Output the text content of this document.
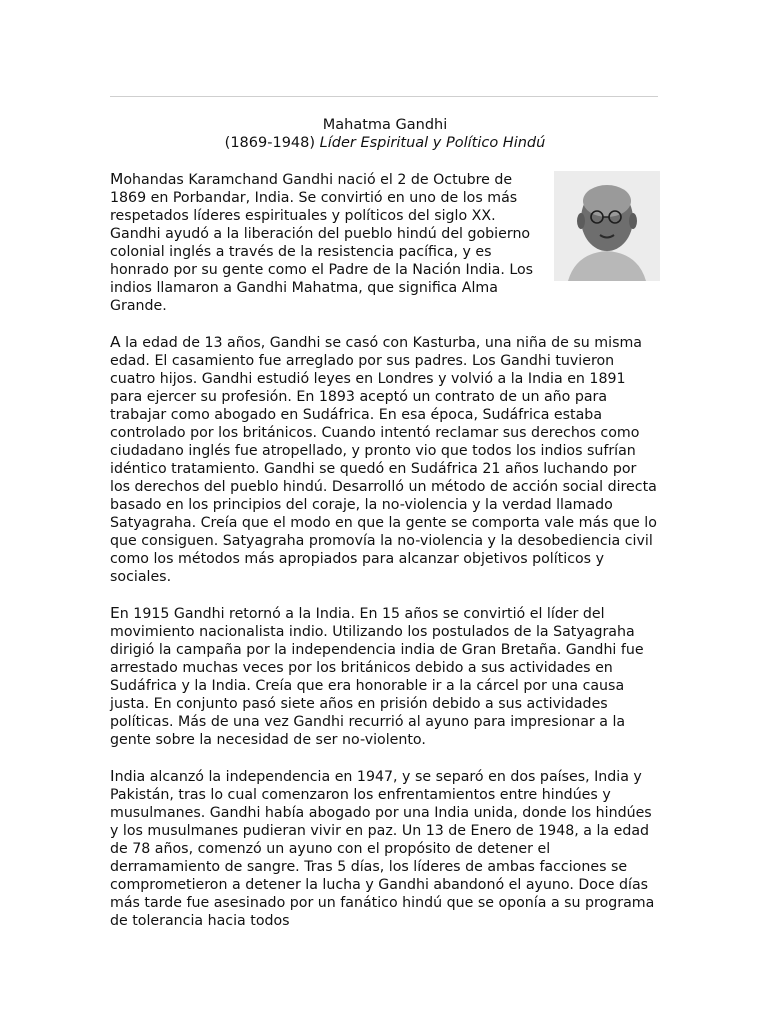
Mahatma Gandhi
(1869-1948) Líder Espiritual y Político Hindú

Mohandas Karamchand Gandhi nació el 2 de Octubre de 1869 en Porbandar, India. Se convirtió en uno de los más respetados líderes espirituales y políticos del siglo XX. Gandhi ayudó a la liberación del pueblo hindú del gobierno colonial inglés a través de la resistencia pacífica, y es honrado por su gente como el Padre de la Nación India. Los indios llamaron a Gandhi Mahatma, que significa Alma Grande.

A la edad de 13 años, Gandhi se casó con Kasturba, una niña de su misma edad. El casamiento fue arreglado por sus padres. Los Gandhi tuvieron cuatro hijos. Gandhi estudió leyes en Londres y volvió a la India en 1891 para ejercer su profesión. En 1893 aceptó un contrato de un año para trabajar como abogado en Sudáfrica. En esa época, Sudáfrica estaba controlado por los británicos. Cuando intentó reclamar sus derechos como ciudadano inglés fue atropellado, y pronto vio que todos los indios sufrían idéntico tratamiento. Gandhi se quedó en Sudáfrica 21 años luchando por los derechos del pueblo hindú. Desarrolló un método de acción social directa basado en los principios del coraje, la no-violencia y la verdad llamado Satyagraha. Creía que el modo en que la gente se comporta vale más que lo que consiguen. Satyagraha promovía la no-violencia y la desobediencia civil como los métodos más apropiados para alcanzar objetivos políticos y sociales.

En 1915 Gandhi retornó a la India. En 15 años se convirtió el líder del movimiento nacionalista indio. Utilizando los postulados de la Satyagraha dirigió la campaña por la independencia india de Gran Bretaña. Gandhi fue arrestado muchas veces por los británicos debido a sus actividades en Sudáfrica y la India. Creía que era honorable ir a la cárcel por una causa justa. En conjunto pasó siete años en prisión debido a sus actividades políticas. Más de una vez Gandhi recurrió al ayuno para impresionar a la gente sobre la necesidad de ser no-violento.

India alcanzó la independencia en 1947, y se separó en dos países, India y Pakistán, tras lo cual comenzaron los enfrentamientos entre hindúes y musulmanes. Gandhi había abogado por una India unida, donde los hindúes y los musulmanes pudieran vivir en paz. Un 13 de Enero de 1948, a la edad de 78 años, comenzó un ayuno con el propósito de detener el derramamiento de sangre. Tras 5 días, los líderes de ambas facciones se comprometieron a detener la lucha y Gandhi abandonó el ayuno. Doce días más tarde fue asesinado por un fanático hindú que se oponía a su programa de tolerancia hacia todos
